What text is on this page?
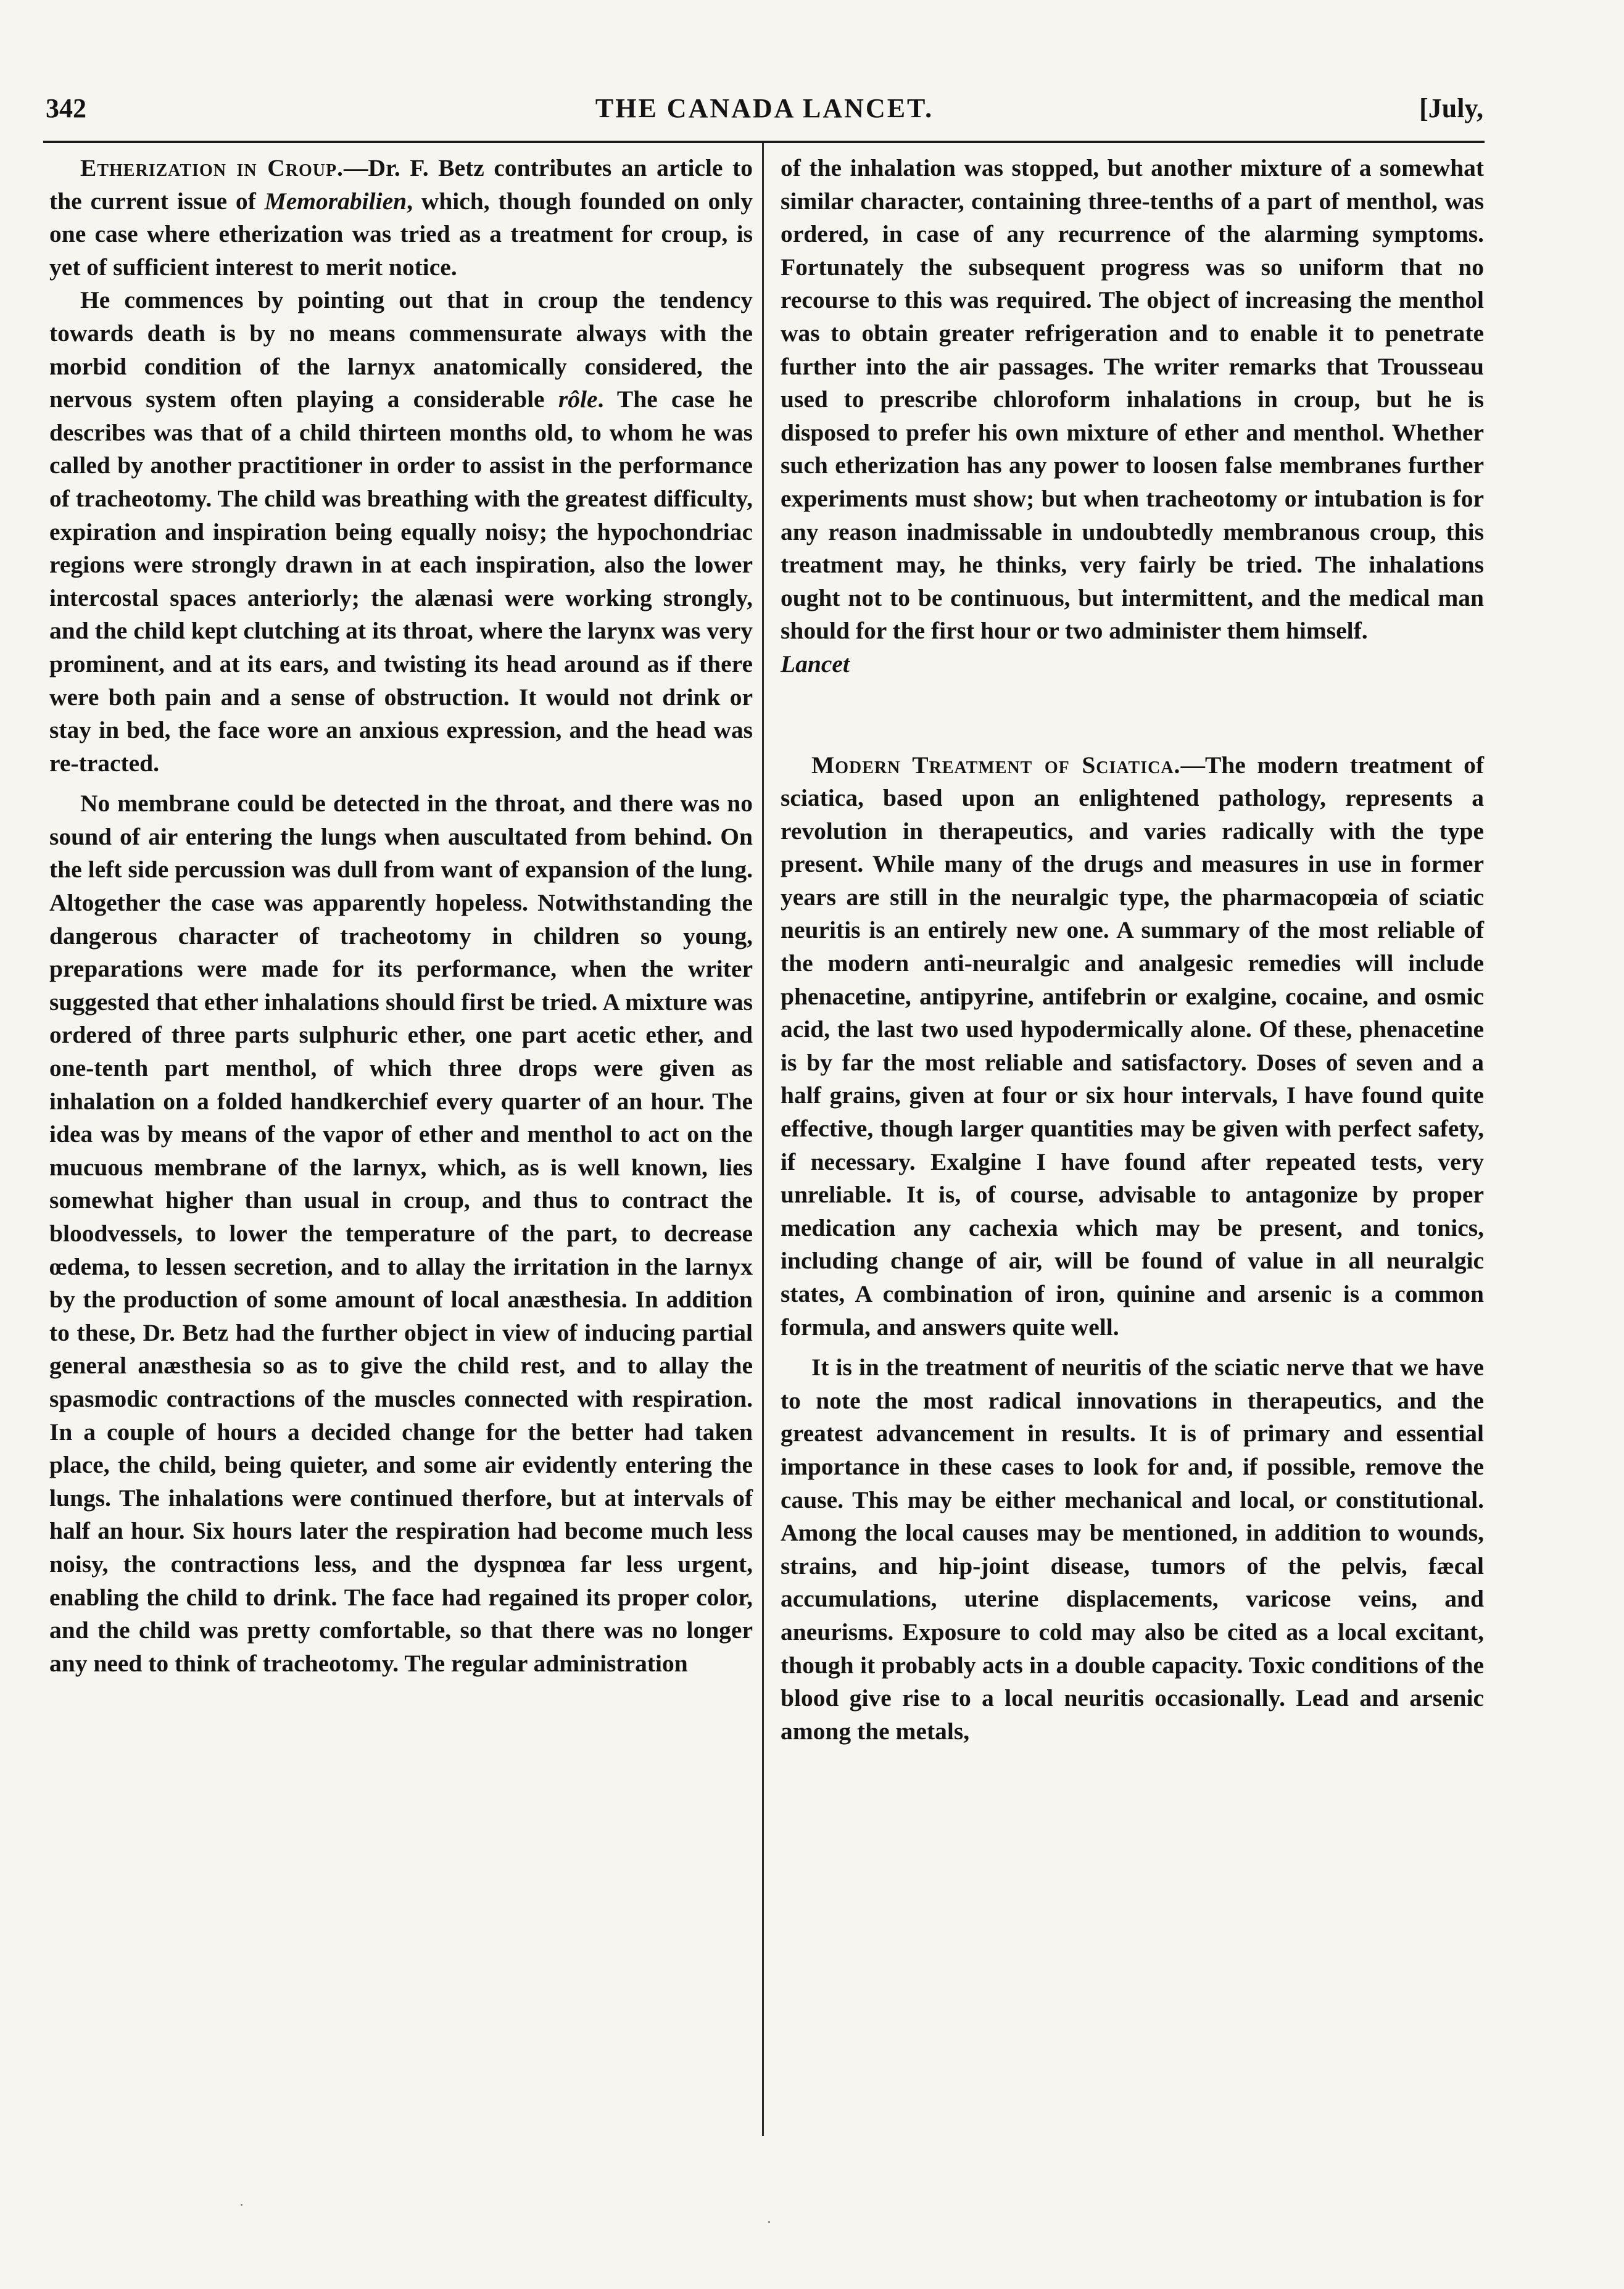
342	THE CANADA LANCET.	[July,

Etherization in Croup.—Dr. F. Betz contributes an article to the current issue of Memorabilien, which, though founded on only one case where etherization was tried as a treatment for croup, is yet of sufficient interest to merit notice.

He commences by pointing out that in croup the tendency towards death is by no means commensurate always with the morbid condition of the larnyx anatomically considered, the nervous system often playing a considerable rôle. The case he describes was that of a child thirteen months old, to whom he was called by another practitioner in order to assist in the performance of tracheotomy. The child was breathing with the greatest difficulty, expiration and inspiration being equally noisy; the hypochondriac regions were strongly drawn in at each inspiration, also the lower intercostal spaces anteriorly; the alænasi were working strongly, and the child kept clutching at its throat, where the larynx was very prominent, and at its ears, and twisting its head around as if there were both pain and a sense of obstruction. It would not drink or stay in bed, the face wore an anxious expression, and the head was re-tracted.

No membrane could be detected in the throat, and there was no sound of air entering the lungs when auscultated from behind. On the left side percussion was dull from want of expansion of the lung. Altogether the case was apparently hopeless. Notwithstanding the dangerous character of tracheotomy in children so young, preparations were made for its performance, when the writer suggested that ether inhalations should first be tried. A mixture was ordered of three parts sulphuric ether, one part acetic ether, and one-tenth part menthol, of which three drops were given as inhalation on a folded handkerchief every quarter of an hour. The idea was by means of the vapor of ether and menthol to act on the mucuous membrane of the larnyx, which, as is well known, lies somewhat higher than usual in croup, and thus to contract the bloodvessels, to lower the temperature of the part, to decrease œdema, to lessen secretion, and to allay the irritation in the larnyx by the production of some amount of local anæsthesia. In addition to these, Dr. Betz had the further object in view of inducing partial general anæsthesia so as to give the child rest, and to allay the spasmodic contractions of the muscles connected with respiration. In a couple of hours a decided change for the better had taken place, the child, being quieter, and some air evidently entering the lungs. The inhalations were continued therfore, but at intervals of half an hour. Six hours later the respiration had become much less noisy, the contractions less, and the dyspnœa far less urgent, enabling the child to drink. The face had regained its proper color, and the child was pretty comfortable, so that there was no longer any need to think of tracheotomy. The regular administration

of the inhalation was stopped, but another mixture of a somewhat similar character, containing three-tenths of a part of menthol, was ordered, in case of any recurrence of the alarming symptoms. Fortunately the subsequent progress was so uniform that no recourse to this was required. The object of increasing the menthol was to obtain greater refrigeration and to enable it to penetrate further into the air passages. The writer remarks that Trousseau used to prescribe chloroform inhalations in croup, but he is disposed to prefer his own mixture of ether and menthol. Whether such etherization has any power to loosen false membranes further experiments must show; but when tracheotomy or intubation is for any reason inadmissable in undoubtedly membranous croup, this treatment may, he thinks, very fairly be tried. The inhalations ought not to be continuous, but intermittent, and the medical man should for the first hour or two administer them himself.

Lancet

Modern Treatment of Sciatica.—The modern treatment of sciatica, based upon an enlightened pathology, represents a revolution in therapeutics, and varies radically with the type present. While many of the drugs and measures in use in former years are still in the neuralgic type, the pharmacopœia of sciatic neuritis is an entirely new one. A summary of the most reliable of the modern anti-neuralgic and analgesic remedies will include phenacetine, antipyrine, antifebrin or exalgine, cocaine, and osmic acid, the last two used hypodermically alone. Of these, phenacetine is by far the most reliable and satisfactory. Doses of seven and a half grains, given at four or six hour intervals, I have found quite effective, though larger quantities may be given with perfect safety, if necessary. Exalgine I have found after repeated tests, very unreliable. It is, of course, advisable to antagonize by proper medication any cachexia which may be present, and tonics, including change of air, will be found of value in all neuralgic states, A combination of iron, quinine and arsenic is a common formula, and answers quite well.

It is in the treatment of neuritis of the sciatic nerve that we have to note the most radical innovations in therapeutics, and the greatest advancement in results. It is of primary and essential importance in these cases to look for and, if possible, remove the cause. This may be either mechanical and local, or constitutional. Among the local causes may be mentioned, in addition to wounds, strains, and hip-joint disease, tumors of the pelvis, fæcal accumulations, uterine displacements, varicose veins, and aneurisms. Exposure to cold may also be cited as a local excitant, though it probably acts in a double capacity. Toxic conditions of the blood give rise to a local neuritis occasionally. Lead and arsenic among the metals,
